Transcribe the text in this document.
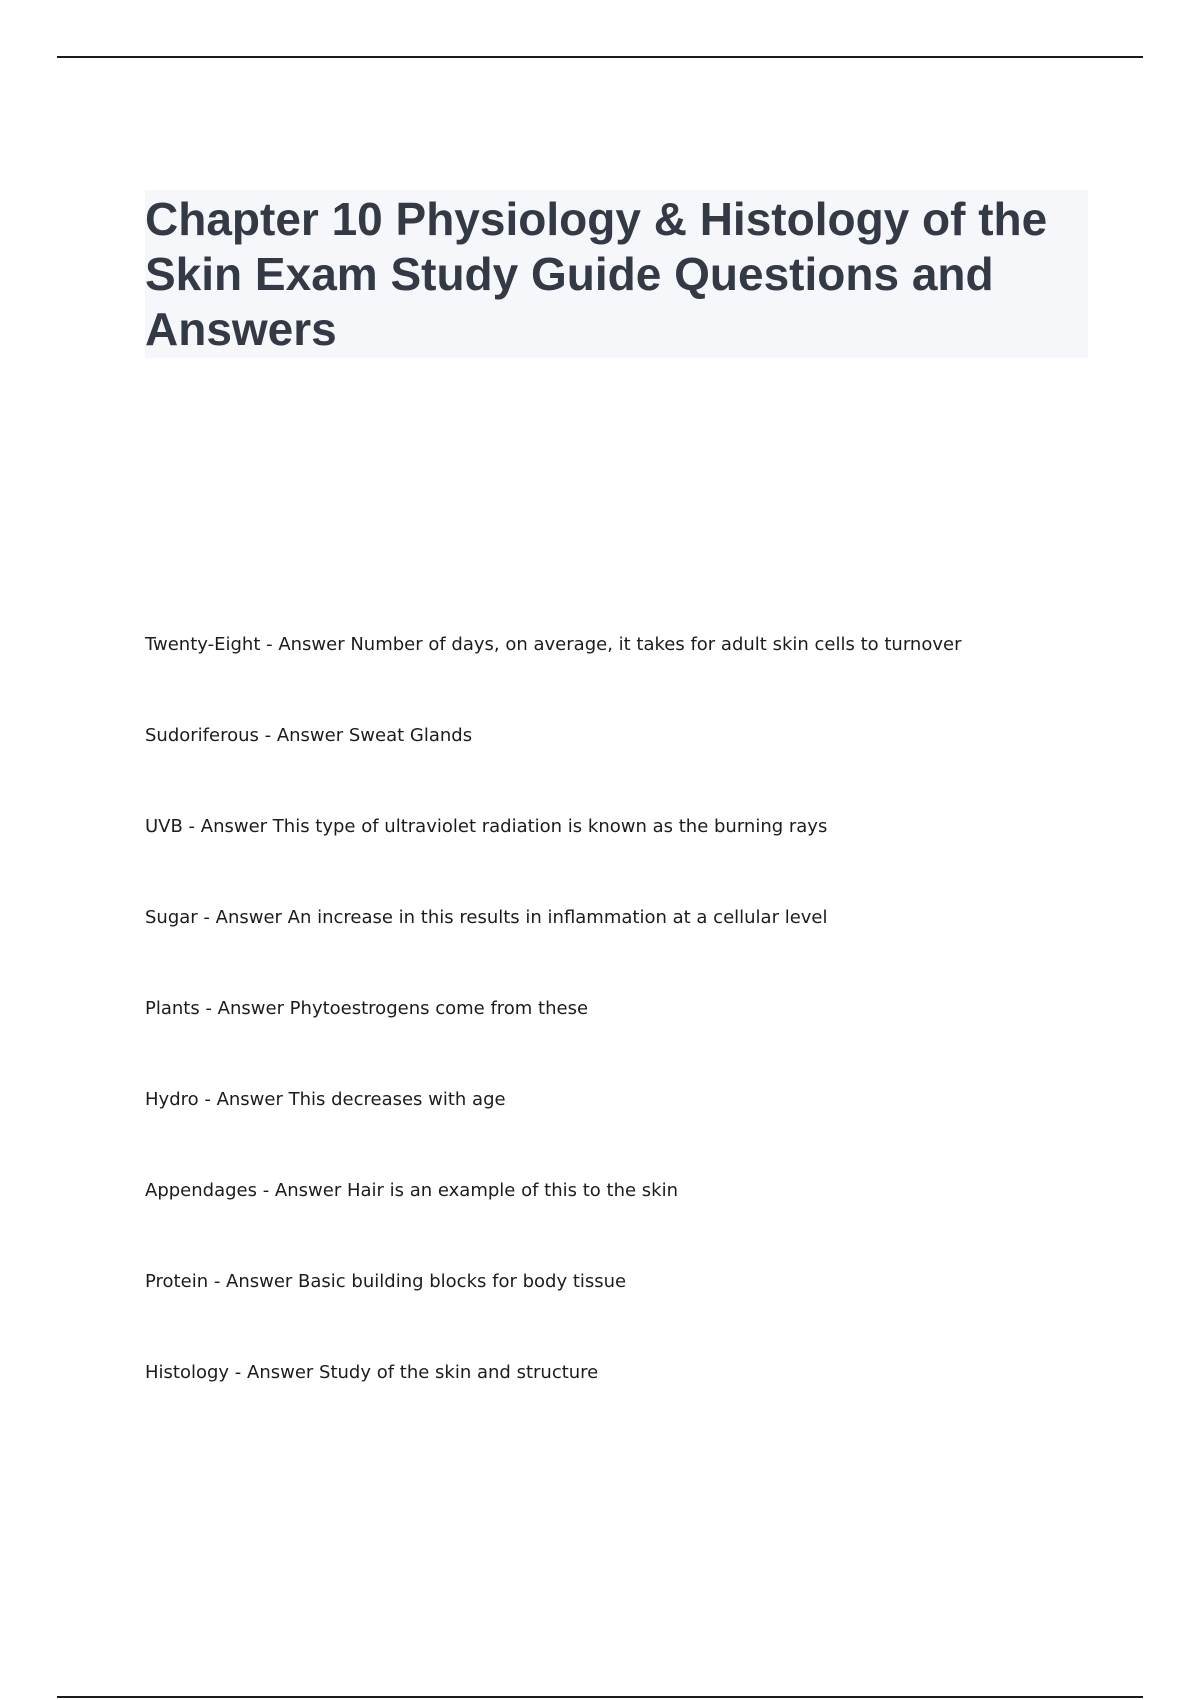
Chapter 10 Physiology & Histology of the Skin Exam Study Guide Questions and Answers
Twenty-Eight - Answer Number of days, on average, it takes for adult skin cells to turnover
Sudoriferous - Answer Sweat Glands
UVB - Answer This type of ultraviolet radiation is known as the burning rays
Sugar - Answer An increase in this results in inflammation at a cellular level
Plants - Answer Phytoestrogens come from these
Hydro - Answer This decreases with age
Appendages - Answer Hair is an example of this to the skin
Protein - Answer Basic building blocks for body tissue
Histology - Answer Study of the skin and structure
